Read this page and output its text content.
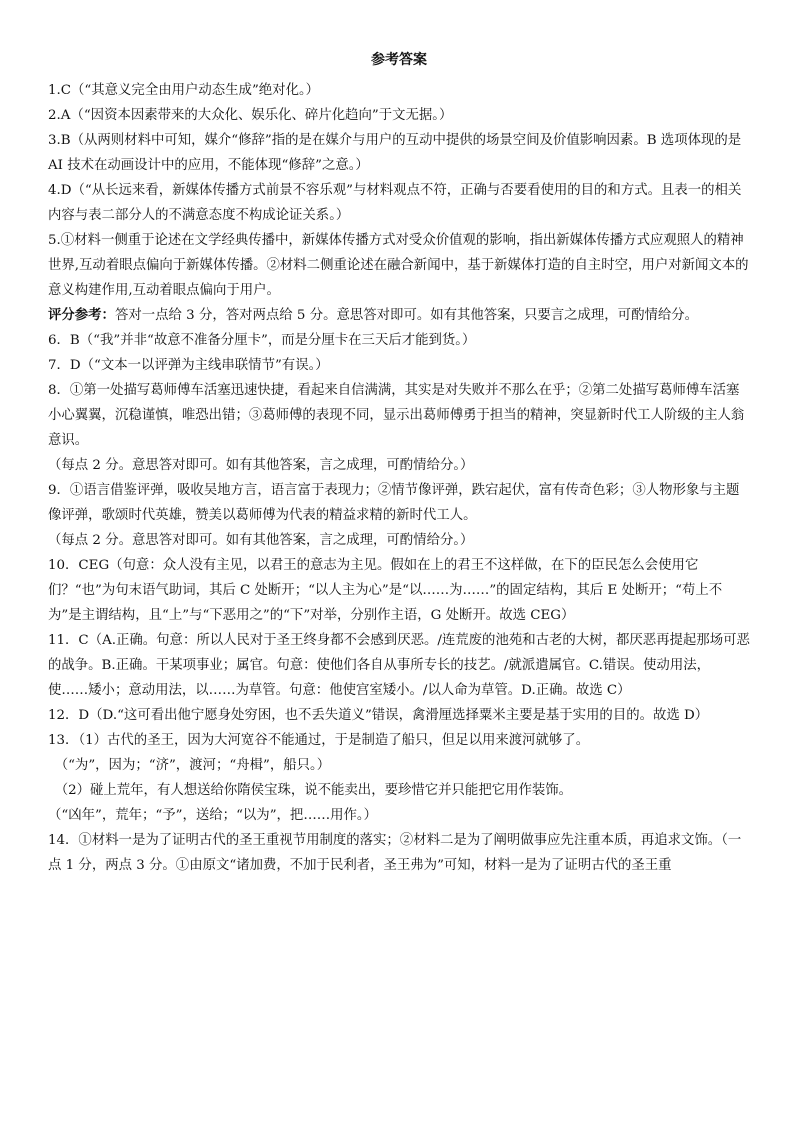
参考答案

1.C（“其意义完全由用户动态生成”绝对化。）

2.A（“因资本因素带来的大众化、娱乐化、碎片化趋向”于文无据。）

3.B（从两则材料中可知，媒介“修辞”指的是在媒介与用户的互动中提供的场景空间及价值影响因素。B 选项体现的是 AI 技术在动画设计中的应用，不能体现“修辞”之意。）

4.D（“从长远来看，新媒体传播方式前景不容乐观”与材料观点不符，正确与否要看使用的目的和方式。且表一的相关内容与表二部分人的不满意态度不构成论证关系。）

5.①材料一侧重于论述在文学经典传播中，新媒体传播方式对受众价值观的影响，指出新媒体传播方式应观照人的精神世界,互动着眼点偏向于新媒体传播。②材料二侧重论述在融合新闻中，基于新媒体打造的自主时空，用户对新闻文本的意义构建作用,互动着眼点偏向于用户。

评分参考：答对一点给 3 分，答对两点给 5 分。意思答对即可。如有其他答案，只要言之成理，可酌情给分。

6．B（“我”并非“故意不准备分厘卡”，而是分厘卡在三天后才能到货。）

7．D（“文本一以评弹为主线串联情节”有误。）

8．①第一处描写葛师傅车活塞迅速快捷，看起来自信满满，其实是对失败并不那么在乎；②第二处描写葛师傅车活塞小心翼翼，沉稳谨慎，唯恐出错；③葛师傅的表现不同，显示出葛师傅勇于担当的精神，突显新时代工人阶级的主人翁意识。

（每点 2 分。意思答对即可。如有其他答案，言之成理，可酌情给分。）

9．①语言借鉴评弹，吸收吴地方言，语言富于表现力；②情节像评弹，跌宕起伏，富有传奇色彩；③人物形象与主题像评弹，歌颂时代英雄，赞美以葛师傅为代表的精益求精的新时代工人。

（每点 2 分。意思答对即可。如有其他答案，言之成理，可酌情给分。）

10．CEG（句意：众人没有主见，以君王的意志为主见。假如在上的君王不这样做，在下的臣民怎么会使用它们？“也”为句末语气助词，其后 C 处断开；“以人主为心”是“以……为……”的固定结构，其后 E 处断开；“苟上不为”是主谓结构，且“上”与“下恶用之”的“下”对举，分别作主语，G 处断开。故选 CEG）

11．C（A.正确。句意：所以人民对于圣王终身都不会感到厌恶。/连荒废的池苑和古老的大树，都厌恶再提起那场可恶的战争。B.正确。干某项事业；属官。句意：使他们各自从事所专长的技艺。/就派遣属官。C.错误。使动用法，使……矮小；意动用法，以……为草管。句意：他使宫室矮小。/以人命为草管。D.正确。故选 C）

12．D（D.“这可看出他宁愿身处穷困，也不丢失道义”错误，禽滑厘选择粟米主要是基于实用的目的。故选 D）

13．（1）古代的圣王，因为大河宽谷不能通过，于是制造了船只，但足以用来渡河就够了。

　（“为”，因为；“济”，渡河；“舟楫”，船只。）

　（2）碰上荒年，有人想送给你隋侯宝珠，说不能卖出，要珍惜它并只能把它用作装饰。

（“凶年”，荒年；“予”，送给；“以为”，把……用作。）

14．①材料一是为了证明古代的圣王重视节用制度的落实；②材料二是为了阐明做事应先注重本质，再追求文饰。（一点 1 分，两点 3 分。①由原文“诸加费，不加于民利者，圣王弗为”可知，材料一是为了证明古代的圣王重
